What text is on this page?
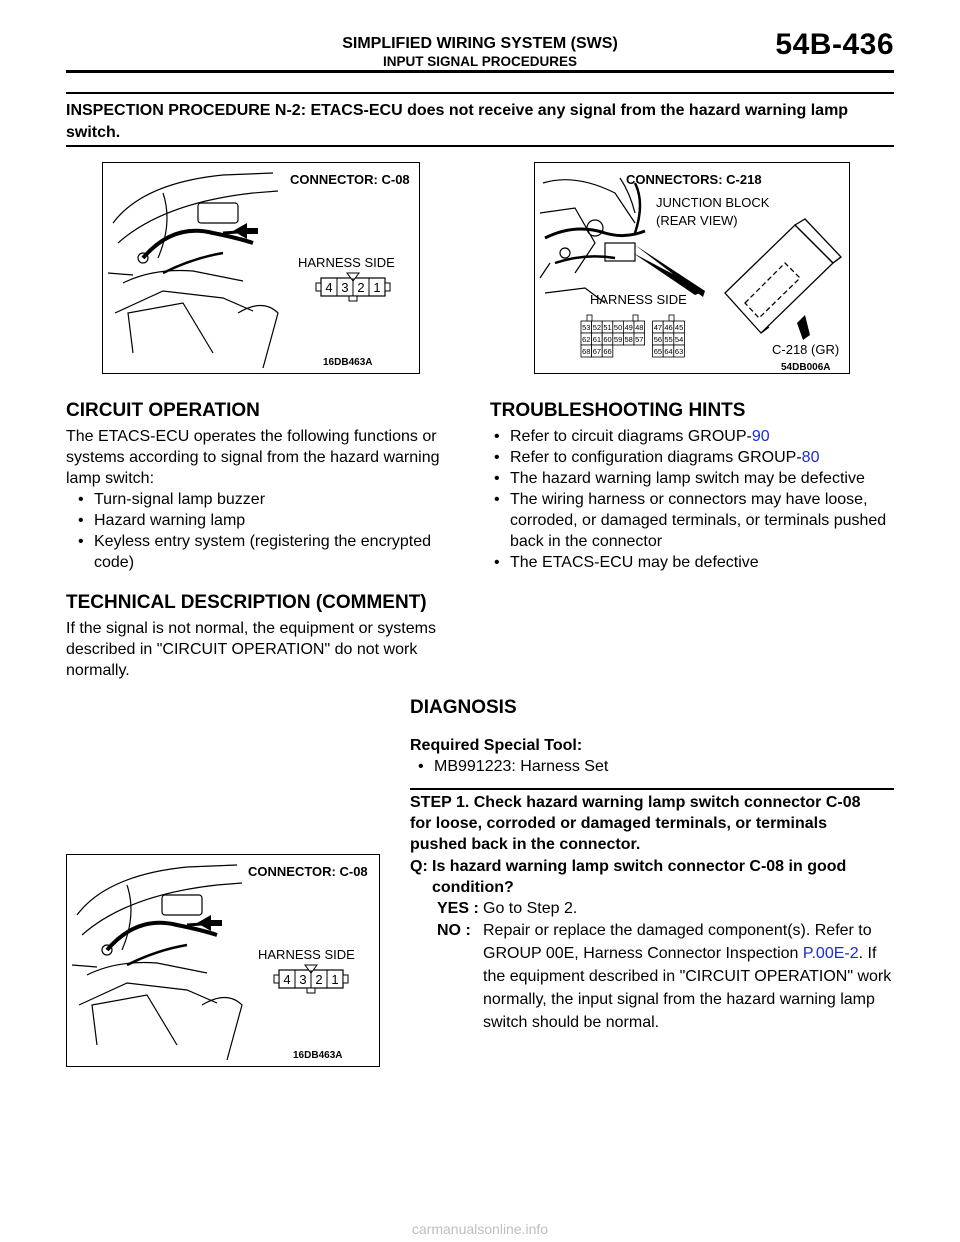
SIMPLIFIED WIRING SYSTEM (SWS)
INPUT SIGNAL PROCEDURES
54B-436
INSPECTION PROCEDURE N-2: ETACS-ECU does not receive any signal from the hazard warning lamp switch.
CONNECTOR: C-08
HARNESS SIDE
4 3 2 1
16DB463A
CONNECTORS: C-218
JUNCTION BLOCK
(REAR VIEW)
HARNESS SIDE
53 52 51 50 49 48 47 46 45
62 61 60 59 58 57 56 55 54
68 67 66	65 64 63	C-218 (GR)
54DB006A
CIRCUIT OPERATION
The ETACS-ECU operates the following functions or systems according to signal from the hazard warning lamp switch:
• Turn-signal lamp buzzer
• Hazard warning lamp
• Keyless entry system (registering the encrypted code)
TECHNICAL DESCRIPTION (COMMENT)
If the signal is not normal, the equipment or systems described in "CIRCUIT OPERATION" do not work normally.
TROUBLESHOOTING HINTS
• Refer to circuit diagrams GROUP-90
• Refer to configuration diagrams GROUP-80
• The hazard warning lamp switch may be defective
• The wiring harness or connectors may have loose, corroded, or damaged terminals, or terminals pushed back in the connector
• The ETACS-ECU may be defective
DIAGNOSIS
Required Special Tool:
• MB991223: Harness Set
STEP 1. Check hazard warning lamp switch connector C-08 for loose, corroded or damaged terminals, or terminals pushed back in the connector.
Q: Is hazard warning lamp switch connector C-08 in good condition?
YES : Go to Step 2.
NO : Repair or replace the damaged component(s). Refer to GROUP 00E, Harness Connector Inspection P.00E-2. If the equipment described in "CIRCUIT OPERATION" work normally, the input signal from the hazard warning lamp switch should be normal.
CONNECTOR: C-08
HARNESS SIDE
4 3 2 1
16DB463A
carmanualsonline.info
